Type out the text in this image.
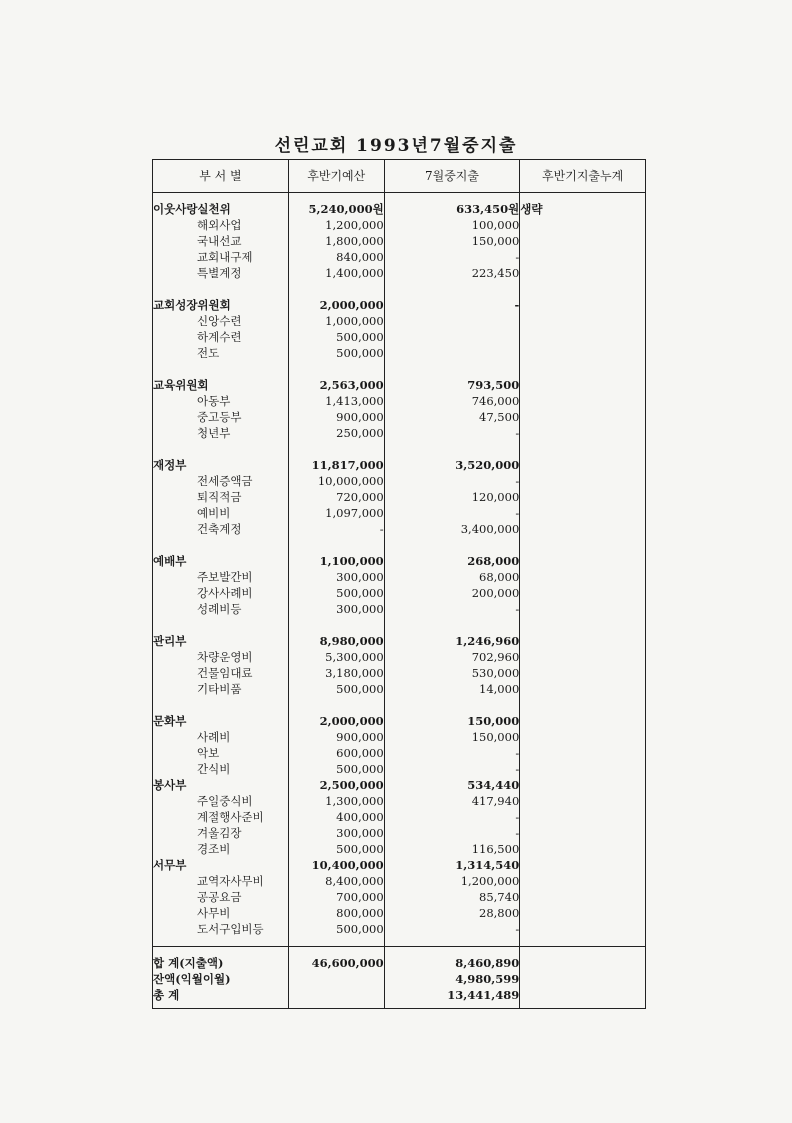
선린교회 1993년7월중지출
부 서 별	후반기예산	7월중지출	후반기지출누계

이웃사랑실천위	5,240,000원	633,450원	생략
해외사업	1,200,000	100,000	
국내선교	1,800,000	150,000	
교회내구제	840,000	-	
특별계정	1,400,000	223,450	

교회성장위원회	2,000,000	-	
신앙수련	1,000,000		
하계수련	500,000		
전도	500,000		

교육위원회	2,563,000	793,500	
아동부	1,413,000	746,000	
중고등부	900,000	47,500	
청년부	250,000	-	

재정부	11,817,000	3,520,000	
전세증액금	10,000,000	-	
퇴직적금	720,000	120,000	
예비비	1,097,000	-	
건축계정	-	3,400,000	

예배부	1,100,000	268,000	
주보발간비	300,000	68,000	
강사사례비	500,000	200,000	
성례비등	300,000	-	

관리부	8,980,000	1,246,960	
차량운영비	5,300,000	702,960	
건물임대료	3,180,000	530,000	
기타비품	500,000	14,000	

문화부	2,000,000	150,000	
사례비	900,000	150,000	
악보	600,000	-	
간식비	500,000	-	
봉사부	2,500,000	534,440	
주일중식비	1,300,000	417,940	
계절행사준비	400,000	-	
겨울김장	300,000	-	
경조비	500,000	116,500	
서무부	10,400,000	1,314,540	
교역자사무비	8,400,000	1,200,000	
공공요금	700,000	85,740	
사무비	800,000	28,800	
도서구입비등	500,000	-	

합 계(지출액)	46,600,000	8,460,890	
잔액(익월이월)		4,980,599	
총 계		13,441,489	
